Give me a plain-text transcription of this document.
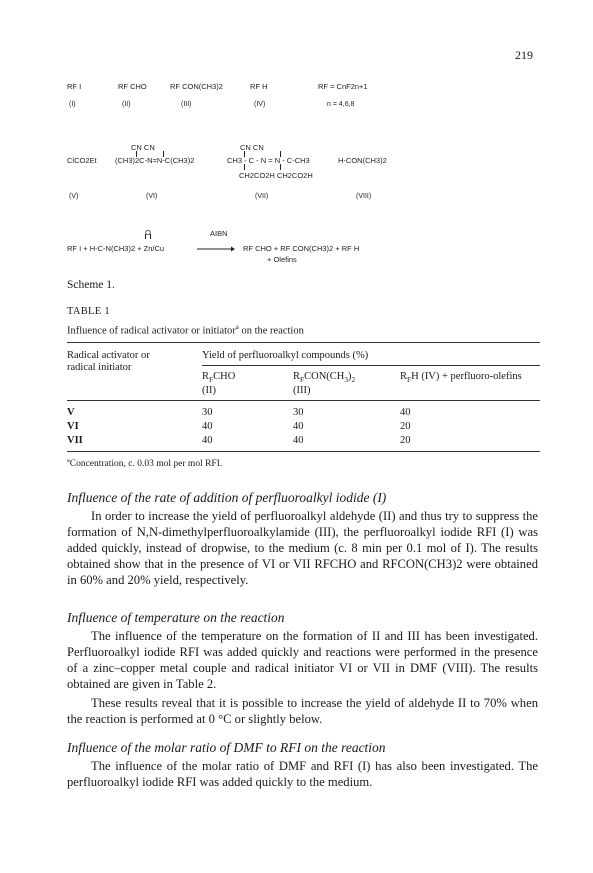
219
RF I	RF CHO	RF CON(CH3)2	RF H	RF = CnF2n+1
(I)	(II)	(III)	(IV)	n = 4,6,8
ClCO2Et
CN CN
(CH3)2C-N=N-C(CH3)2
CN CN
CH3 - C - N = N - C-CH3
CH2CO2H CH2CO2H
H-CON(CH3)2
(V)	(VI)	(VII)	(VIII)
O	AIBN
RF I + H-C-N(CH3)2 + Zn/Cu → RF CHO + RF CON(CH3)2 + RF H
+ Olefins
Scheme 1.
TABLE 1
Influence of radical activator or initiator$^a$ on the reaction
Radical activator or
radical initiator
Yield of perfluoroalkyl compounds (%)
$R_FCHO$
(II)
$R_FCON(CH_3)_2$
(III)
$R_FH$ (IV) + perfluoro-olefins
V	30	30	40
VI	40	40	20
VII	40	40	20
$^a$Concentration, c. 0.03 mol per mol RFI.
Influence of the rate of addition of perfluoroalkyl iodide (I)

In order to increase the yield of perfluoroalkyl aldehyde (II) and thus try to suppress the formation of N,N-dimethylperfluoroalkylamide (III), the perfluoroalkyl iodide RFI (I) was added quickly, instead of dropwise, to the medium (c. 8 min per 0.1 mol of I). The results obtained show that in the presence of VI or VII RFCHO and RFCON(CH3)2 were obtained in 60% and 20% yield, respectively.

Influence of temperature on the reaction

The influence of the temperature on the formation of II and III has been investigated. Perfluoroalkyl iodide RFI was added quickly and reactions were performed in the presence of a zinc–copper metal couple and radical initiator VI or VII in DMF (VIII). The results obtained are given in Table 2.

These results reveal that it is possible to increase the yield of aldehyde II to 70% when the reaction is performed at 0 °C or slightly below.

Influence of the molar ratio of DMF to RFI on the reaction

The influence of the molar ratio of DMF and RFI (I) has also been investigated. The perfluoroalkyl iodide RFI was added quickly to the medium.
